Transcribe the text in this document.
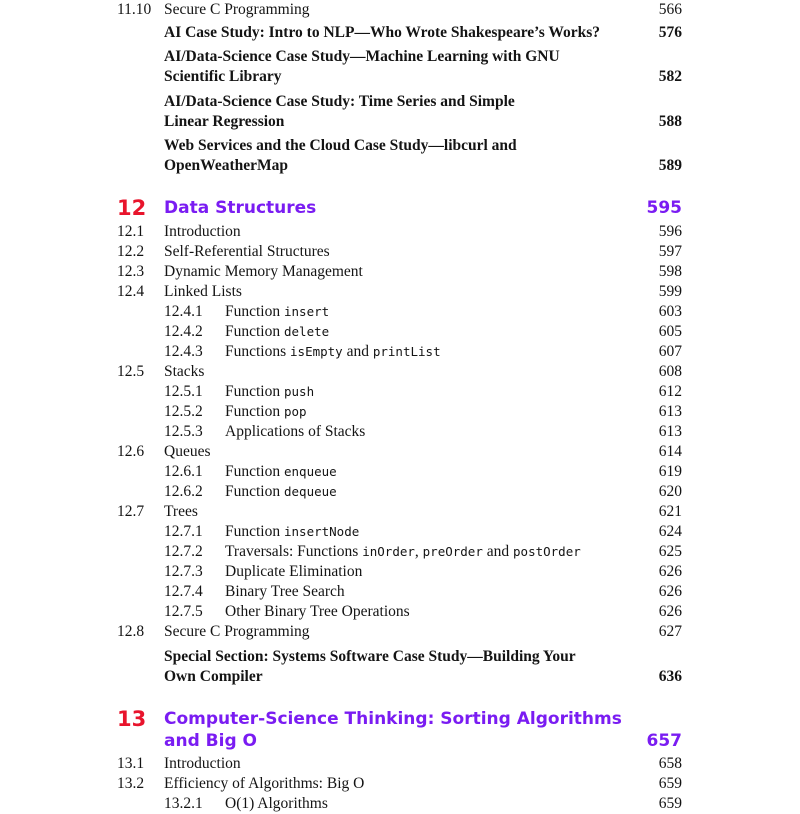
11.10 Secure C Programming	566
AI Case Study: Intro to NLP—Who Wrote Shakespeare’s Works?	576
AI/Data-Science Case Study—Machine Learning with GNU
Scientific Library	582
AI/Data-Science Case Study: Time Series and Simple
Linear Regression	588
Web Services and the Cloud Case Study—libcurl and
OpenWeatherMap	589
12 Data Structures	595
12.1 Introduction	596
12.2 Self-Referential Structures	597
12.3 Dynamic Memory Management	598
12.4 Linked Lists	599
12.4.1 Function insert	603
12.4.2 Function delete	605
12.4.3 Functions isEmpty and printList	607
12.5 Stacks	608
12.5.1 Function push	612
12.5.2 Function pop	613
12.5.3 Applications of Stacks	613
12.6 Queues	614
12.6.1 Function enqueue	619
12.6.2 Function dequeue	620
12.7 Trees	621
12.7.1 Function insertNode	624
12.7.2 Traversals: Functions inOrder, preOrder and postOrder	625
12.7.3 Duplicate Elimination	626
12.7.4 Binary Tree Search	626
12.7.5 Other Binary Tree Operations	626
12.8 Secure C Programming	627
Special Section: Systems Software Case Study—Building Your
Own Compiler	636
13 Computer-Science Thinking: Sorting Algorithms
and Big O	657
13.1 Introduction	658
13.2 Efficiency of Algorithms: Big O	659
13.2.1 O(1) Algorithms	659
